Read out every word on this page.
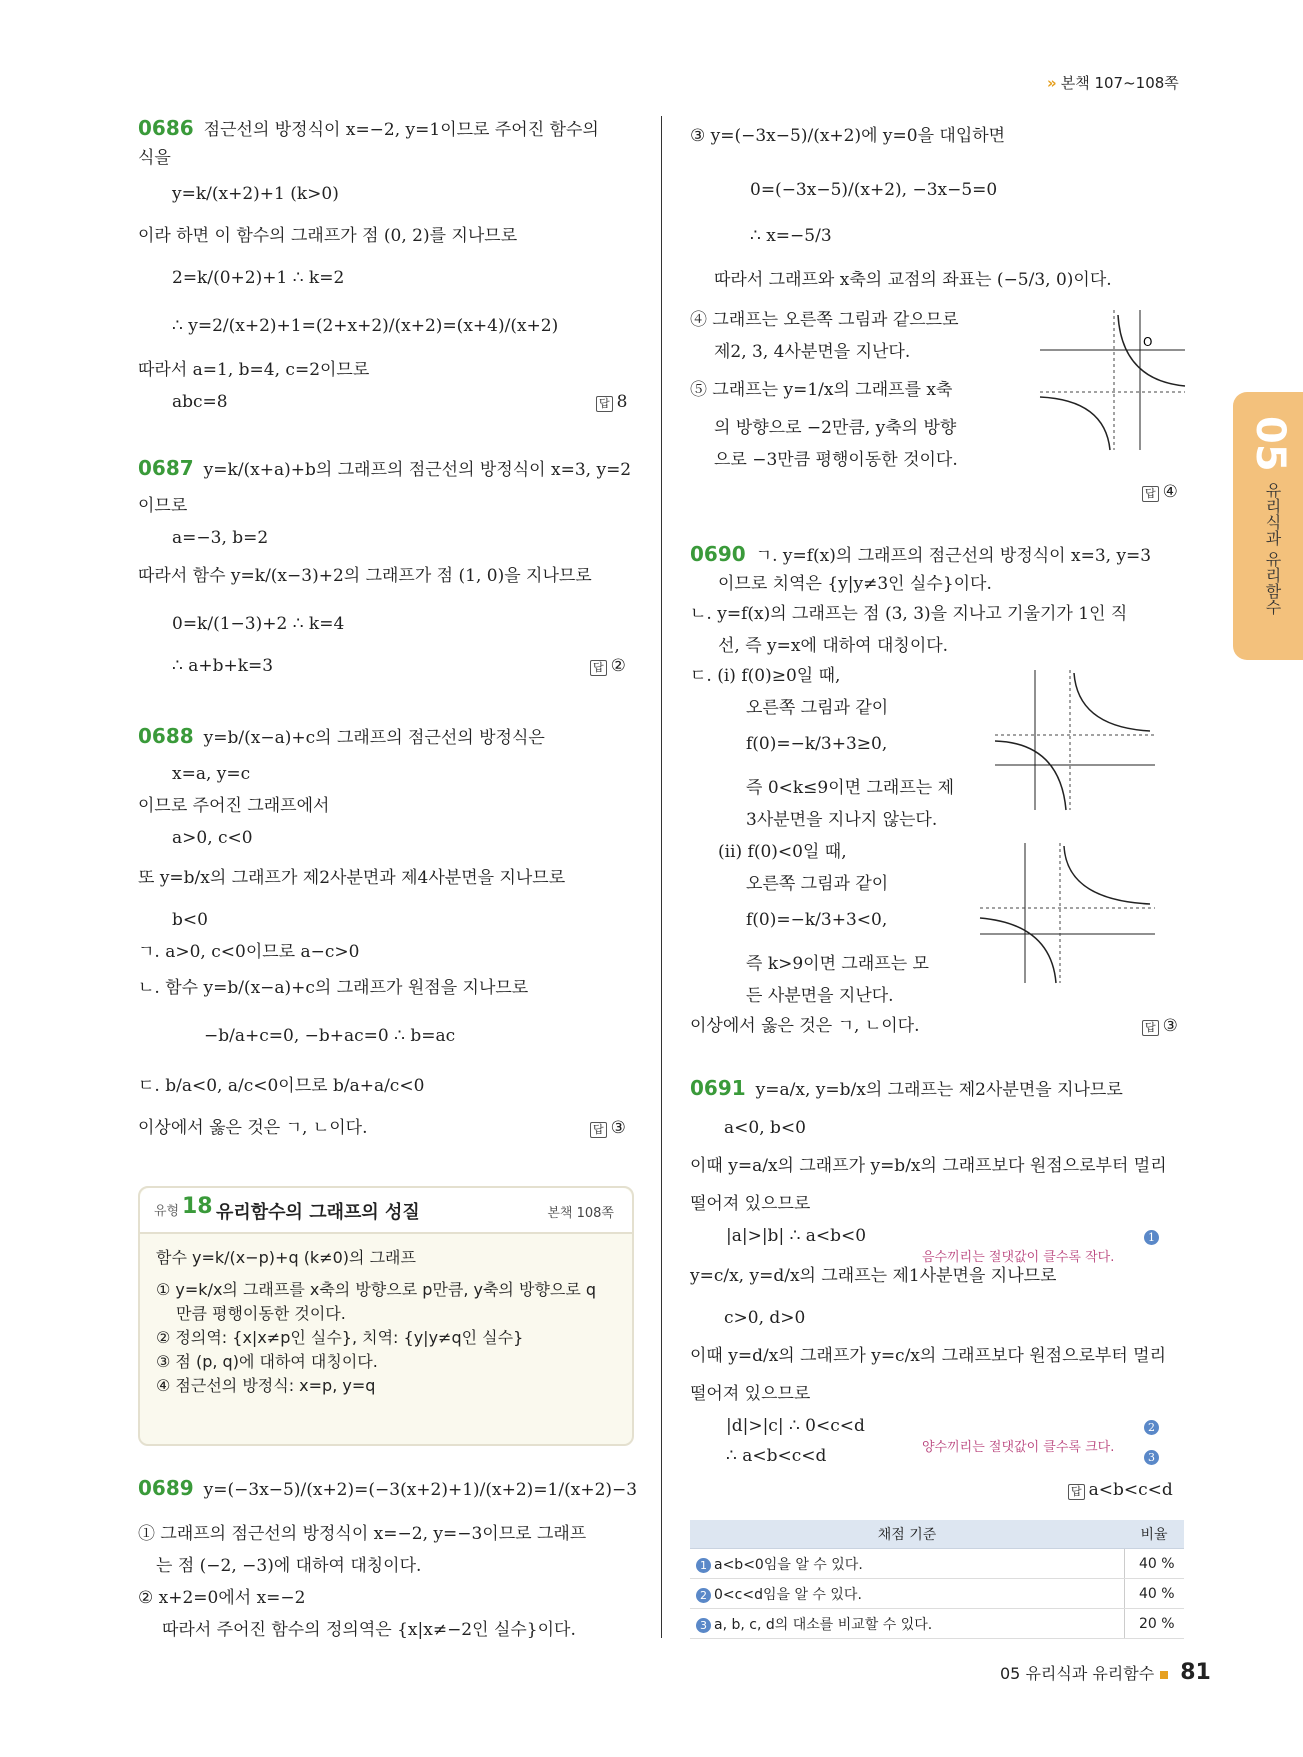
» 본책 107~108쪽
05
유리식과 유리함수
0686 점근선의 방정식이 x=−2, y=1이므로 주어진 함수의
식을
y=k/(x+2)+1 (k>0)
이라 하면 이 함수의 그래프가 점 (0, 2)를 지나므로
2=k/(0+2)+1 ∴ k=2
∴ y=2/(x+2)+1=(2+x+2)/(x+2)=(x+4)/(x+2)
따라서 a=1, b=4, c=2이므로
abc=8	답 8
0687 y=k/(x+a)+b의 그래프의 점근선의 방정식이 x=3, y=2
이므로
a=−3, b=2
따라서 함수 y=k/(x−3)+2의 그래프가 점 (1, 0)을 지나므로
0=k/(1−3)+2 ∴ k=4
∴ a+b+k=3	답 ②
0688 y=b/(x−a)+c의 그래프의 점근선의 방정식은
x=a, y=c
이므로 주어진 그래프에서
a>0, c<0
또 y=b/x의 그래프가 제2사분면과 제4사분면을 지나므로
b<0
ㄱ. a>0, c<0이므로 a−c>0
ㄴ. 함수 y=b/(x−a)+c의 그래프가 원점을 지나므로
−b/a+c=0, −b+ac=0 ∴ b=ac
ㄷ. b/a<0, a/c<0이므로 b/a+a/c<0
이상에서 옳은 것은 ㄱ, ㄴ이다.	답 ③
유형 18 유리함수의 그래프의 성질	본책 108쪽
함수 y=k/(x−p)+q (k≠0)의 그래프
① y=k/x의 그래프를 x축의 방향으로 p만큼, y축의 방향으로 q
만큼 평행이동한 것이다.
② 정의역: {x|x≠p인 실수}, 치역: {y|y≠q인 실수}
③ 점 (p, q)에 대하여 대칭이다.
④ 점근선의 방정식: x=p, y=q
0689 y=(−3x−5)/(x+2)=(−3(x+2)+1)/(x+2)=1/(x+2)−3
① 그래프의 점근선의 방정식이 x=−2, y=−3이므로 그래프
는 점 (−2, −3)에 대하여 대칭이다.
② x+2=0에서 x=−2
따라서 주어진 함수의 정의역은 {x|x≠−2인 실수}이다.
③ y=(−3x−5)/(x+2)에 y=0을 대입하면
0=(−3x−5)/(x+2), −3x−5=0
∴ x=−5/3
따라서 그래프와 x축의 교점의 좌표는 (−5/3, 0)이다.
④ 그래프는 오른쪽 그림과 같으므로
제2, 3, 4사분면을 지난다.
⑤ 그래프는 y=1/x의 그래프를 x축
의 방향으로 −2만큼, y축의 방향
으로 −3만큼 평행이동한 것이다.
답 ④
0690 ㄱ. y=f(x)의 그래프의 점근선의 방정식이 x=3, y=3
이므로 치역은 {y|y≠3인 실수}이다.
ㄴ. y=f(x)의 그래프는 점 (3, 3)을 지나고 기울기가 1인 직
선, 즉 y=x에 대하여 대칭이다.
ㄷ. (ⅰ) f(0)≥0일 때,
오른쪽 그림과 같이
f(0)=−k/3+3≥0,
즉 0<k≤9이면 그래프는 제
3사분면을 지나지 않는다.
(ⅱ) f(0)<0일 때,
오른쪽 그림과 같이
f(0)=−k/3+3<0,
즉 k>9이면 그래프는 모
든 사분면을 지난다.
이상에서 옳은 것은 ㄱ, ㄴ이다.	답 ③
0691 y=a/x, y=b/x의 그래프는 제2사분면을 지나므로
a<0, b<0
이때 y=a/x의 그래프가 y=b/x의 그래프보다 원점으로부터 멀리
떨어져 있으므로
|a|>|b| ∴ a<b<0	1
음수끼리는 절댓값이 클수록 작다.
y=c/x, y=d/x의 그래프는 제1사분면을 지나므로
c>0, d>0
이때 y=d/x의 그래프가 y=c/x의 그래프보다 원점으로부터 멀리
떨어져 있으므로
|d|>|c| ∴ 0<c<d	2
양수끼리는 절댓값이 클수록 크다.
∴ a<b<c<d	3
답 a<b<c<d
O
채점 기준	비율
1 a<b<0임을 알 수 있다.	40 %
2 0<c<d임을 알 수 있다.	40 %
3 a, b, c, d의 대소를 비교할 수 있다.	20 %
05 유리식과 유리함수 81
